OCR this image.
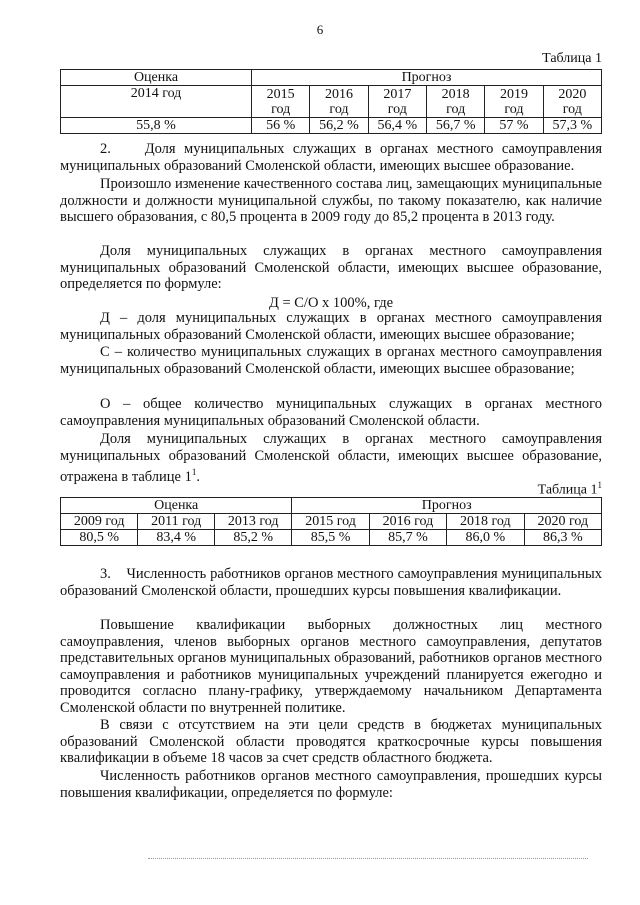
6
Таблица 1
Оценка	Прогноз					
2014 год	2015 год	2016 год	2017 год	2018 год	2019 год	2020 год
55,8 %	56 %	56,2 %	56,4 %	56,7 %	57 %	57,3 %

2.    Доля муниципальных служащих в органах местного самоуправления муниципальных образований Смоленской области, имеющих высшее образование.

Произошло изменение качественного состава лиц, замещающих муниципальные должности и должности муниципальной службы, по такому показателю, как наличие высшего образования, с 80,5 процента в 2009 году до 85,2 процента в 2013 году.

Доля муниципальных служащих в органах местного самоуправления муниципальных образований Смоленской области, имеющих высшее образование, определяется по формуле:

Д = С/О х 100%, где

Д – доля муниципальных служащих в органах местного самоуправления муниципальных образований Смоленской области, имеющих высшее образование;

С – количество муниципальных служащих в органах местного самоуправления муниципальных образований Смоленской области, имеющих высшее образование;

О – общее количество муниципальных служащих в органах местного самоуправления муниципальных образований Смоленской области.

Доля муниципальных служащих в органах местного самоуправления муниципальных образований Смоленской области, имеющих высшее образование, отражена в таблице $1^1$.

Таблица $1^1$
Оценка			Прогноз			
2009 год	2011 год	2013 год	2015 год	2016 год	2018 год	2020 год
80,5 %	83,4 %	85,2 %	85,5 %	85,7 %	86,0 %	86,3 %

3.    Численность работников органов местного самоуправления муниципальных образований Смоленской области, прошедших курсы повышения квалификации.

Повышение квалификации выборных должностных лиц местного самоуправления, членов выборных органов местного самоуправления, депутатов представительных органов муниципальных образований, работников органов местного самоуправления и работников муниципальных учреждений планируется ежегодно и проводится согласно плану-графику, утверждаемому начальником Департамента Смоленской области по внутренней политике.

В связи с отсутствием на эти цели средств в бюджетах муниципальных образований Смоленской области проводятся краткосрочные курсы повышения квалификации в объеме 18 часов за счет средств областного бюджета.

Численность работников органов местного самоуправления, прошедших курсы повышения квалификации, определяется по формуле:
